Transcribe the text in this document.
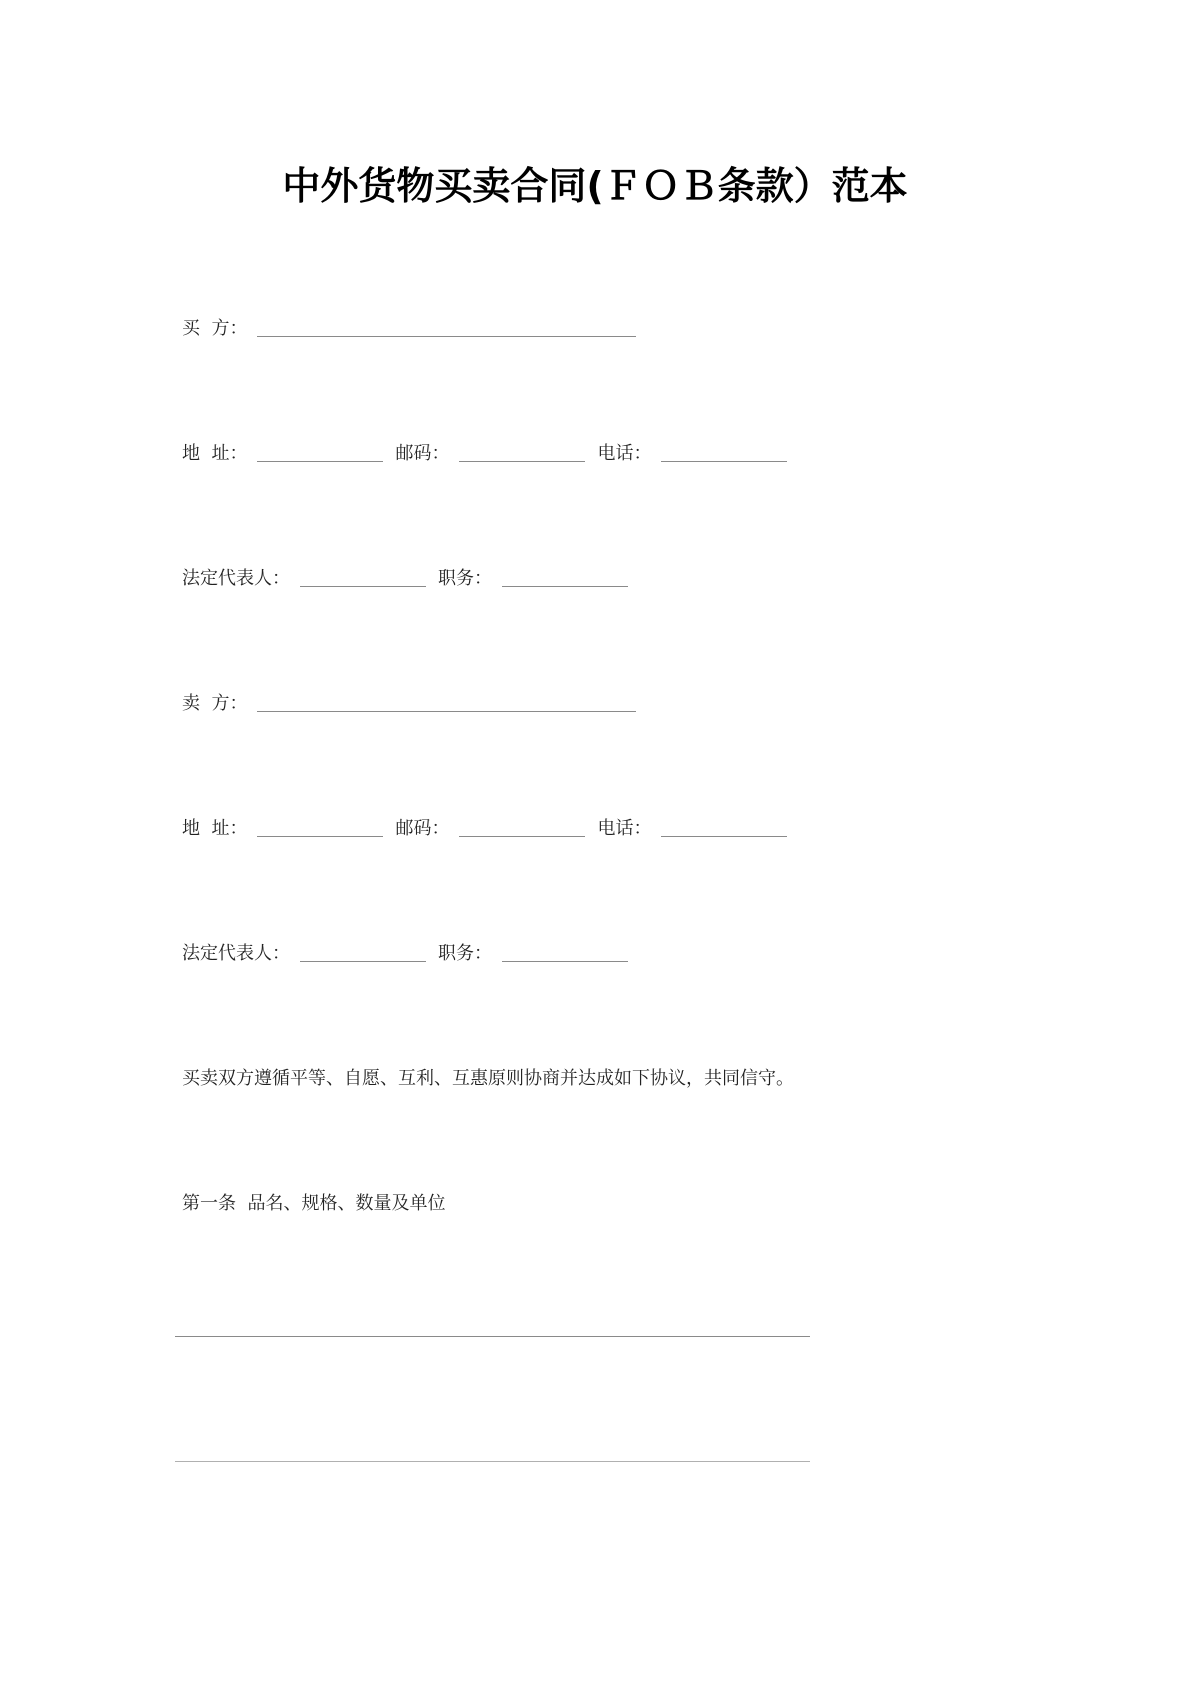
中外货物买卖合同(ＦＯＢ条款）范本
买  方：
地  址：	邮码：	电话：
法定代表人：	职务：
卖  方：
地  址：	邮码：	电话：
法定代表人：	职务：
买卖双方遵循平等、自愿、互利、互惠原则协商并达成如下协议，共同信守。
第一条  品名、规格、数量及单位
